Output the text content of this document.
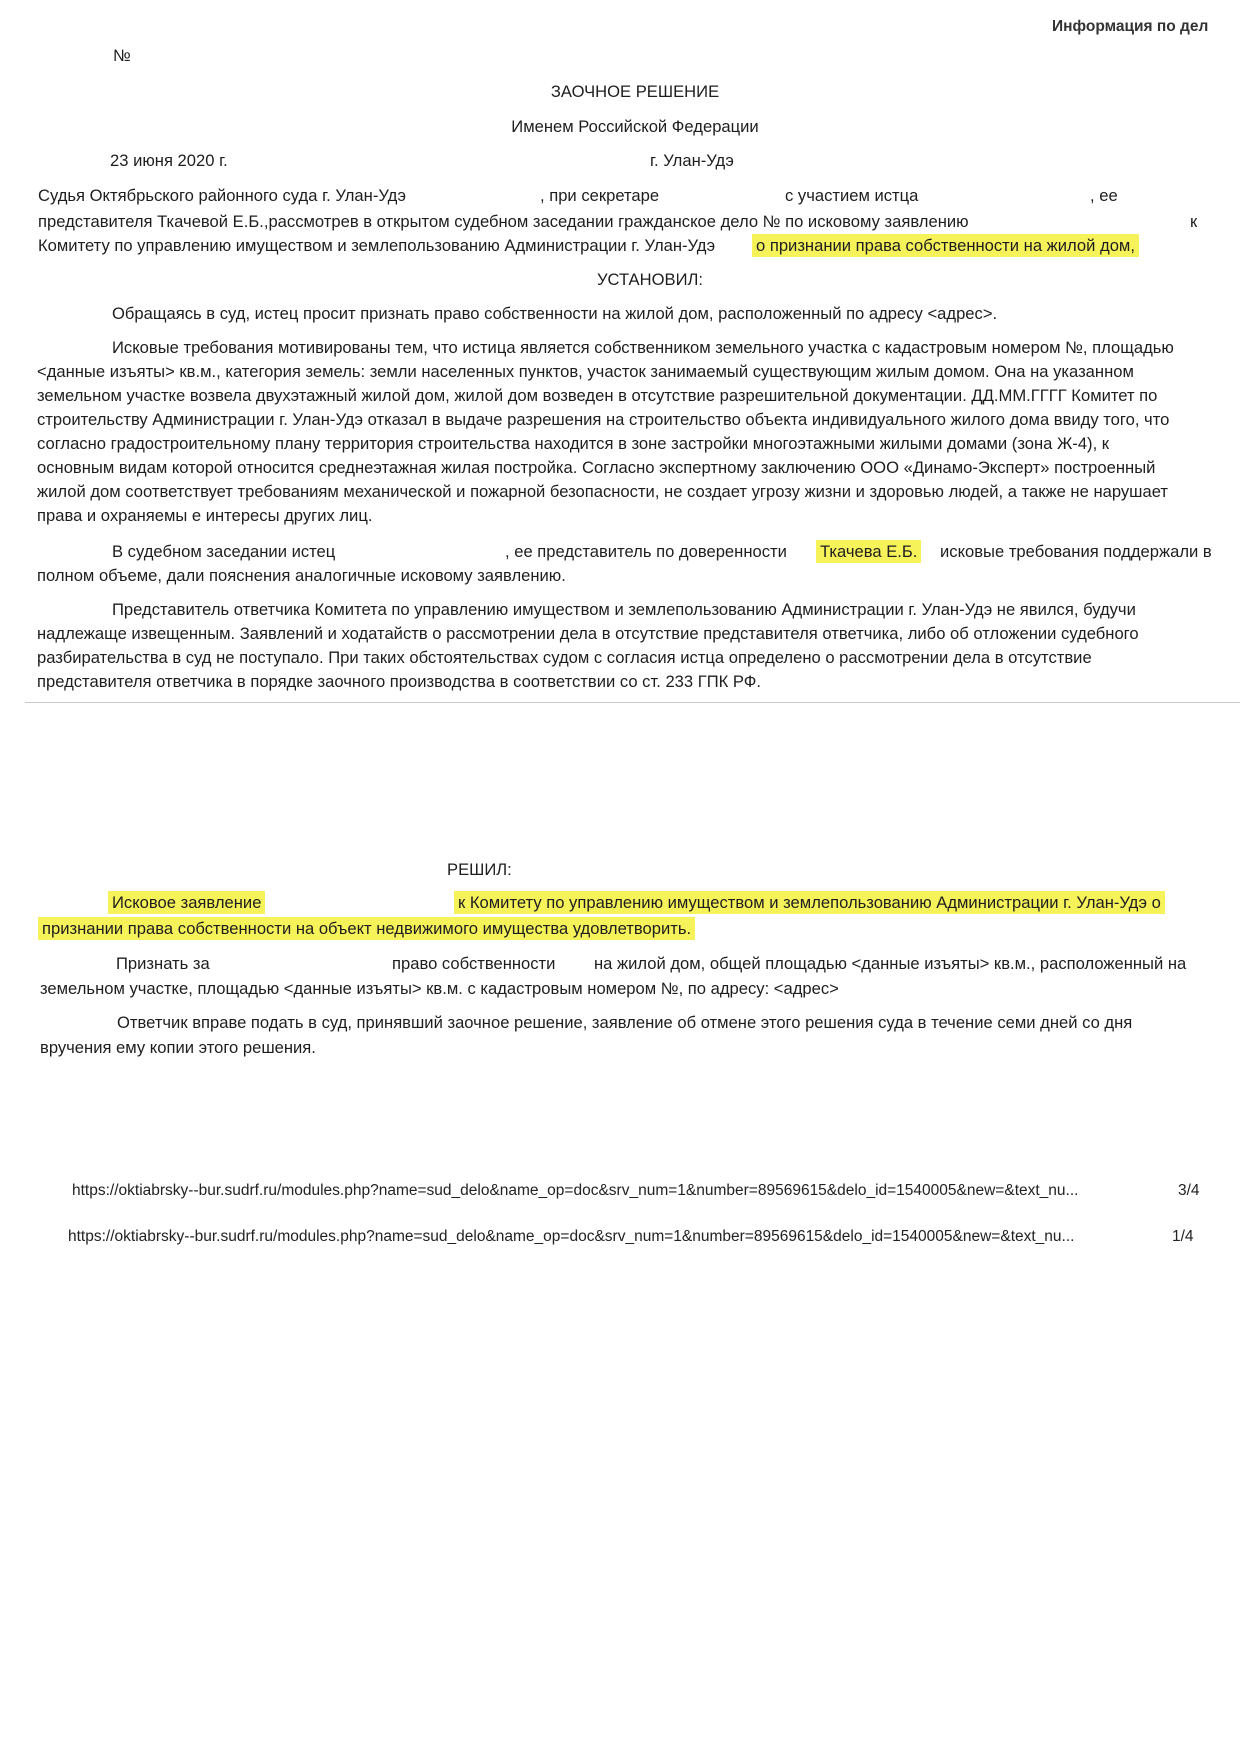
Информация по дел
№
ЗАОЧНОЕ РЕШЕНИЕ
Именем Российской Федерации
23 июня 2020 г.	г. Улан-Удэ
Судья Октябрьского районного суда г. Улан-Удэ	, при секретаре	с участием истца	, ее
представителя Ткачевой Е.Б.,рассмотрев в открытом судебном заседании гражданское дело № по исковому заявлению	к
Комитету по управлению имуществом и землепользованию Администрации г. Улан-Удэ о признании права собственности на жилой дом,
УСТАНОВИЛ:
Обращаясь в суд, истец просит признать право собственности на жилой дом, расположенный по адресу <адрес>.
Исковые требования мотивированы тем, что истица является собственником земельного участка с кадастровым номером №, площадью
<данные изъяты> кв.м., категория земель: земли населенных пунктов, участок занимаемый существующим жилым домом. Она на указанном
земельном участке возвела двухэтажный жилой дом, жилой дом возведен в отсутствие разрешительной документации. ДД.ММ.ГГГГ Комитет по
строительству Администрации г. Улан-Удэ отказал в выдаче разрешения на строительство объекта индивидуального жилого дома ввиду того, что
согласно градостроительному плану территория строительства находится в зоне застройки многоэтажными жилыми домами (зона Ж-4), к
основным видам которой относится среднеэтажная жилая постройка. Согласно экспертному заключению ООО «Динамо-Эксперт» построенный
жилой дом соответствует требованиям механической и пожарной безопасности, не создает угрозу жизни и здоровью людей, а также не нарушает
права и охраняемы е интересы других лиц.
В судебном заседании истец	, ее представитель по доверенности Ткачева Е.Б. исковые требования поддержали в
полном объеме, дали пояснения аналогичные исковому заявлению.
Представитель ответчика Комитета по управлению имуществом и землепользованию Администрации г. Улан-Удэ не явился, будучи
надлежаще извещенным. Заявлений и ходатайств о рассмотрении дела в отсутствие представителя ответчика, либо об отложении судебного
разбирательства в суд не поступало. При таких обстоятельствах судом с согласия истца определено о рассмотрении дела в отсутствие
представителя ответчика в порядке заочного производства в соответствии со ст. 233 ГПК РФ.
РЕШИЛ:
Исковое заявление	к Комитету по управлению имуществом и землепользованию Администрации г. Улан-Удэ о
признании права собственности на объект недвижимого имущества удовлетворить.
Признать за	право собственности на жилой дом, общей площадью <данные изъяты> кв.м., расположенный на
земельном участке, площадью <данные изъяты> кв.м. с кадастровым номером №, по адресу: <адрес>
Ответчик вправе подать в суд, принявший заочное решение, заявление об отмене этого решения суда в течение семи дней со дня
вручения ему копии этого решения.
https://oktiabrsky--bur.sudrf.ru/modules.php?name=sud_delo&name_op=doc&srv_num=1&number=89569615&delo_id=1540005&new=&text_nu...	3/4
https://oktiabrsky--bur.sudrf.ru/modules.php?name=sud_delo&name_op=doc&srv_num=1&number=89569615&delo_id=1540005&new=&text_nu...	1/4
